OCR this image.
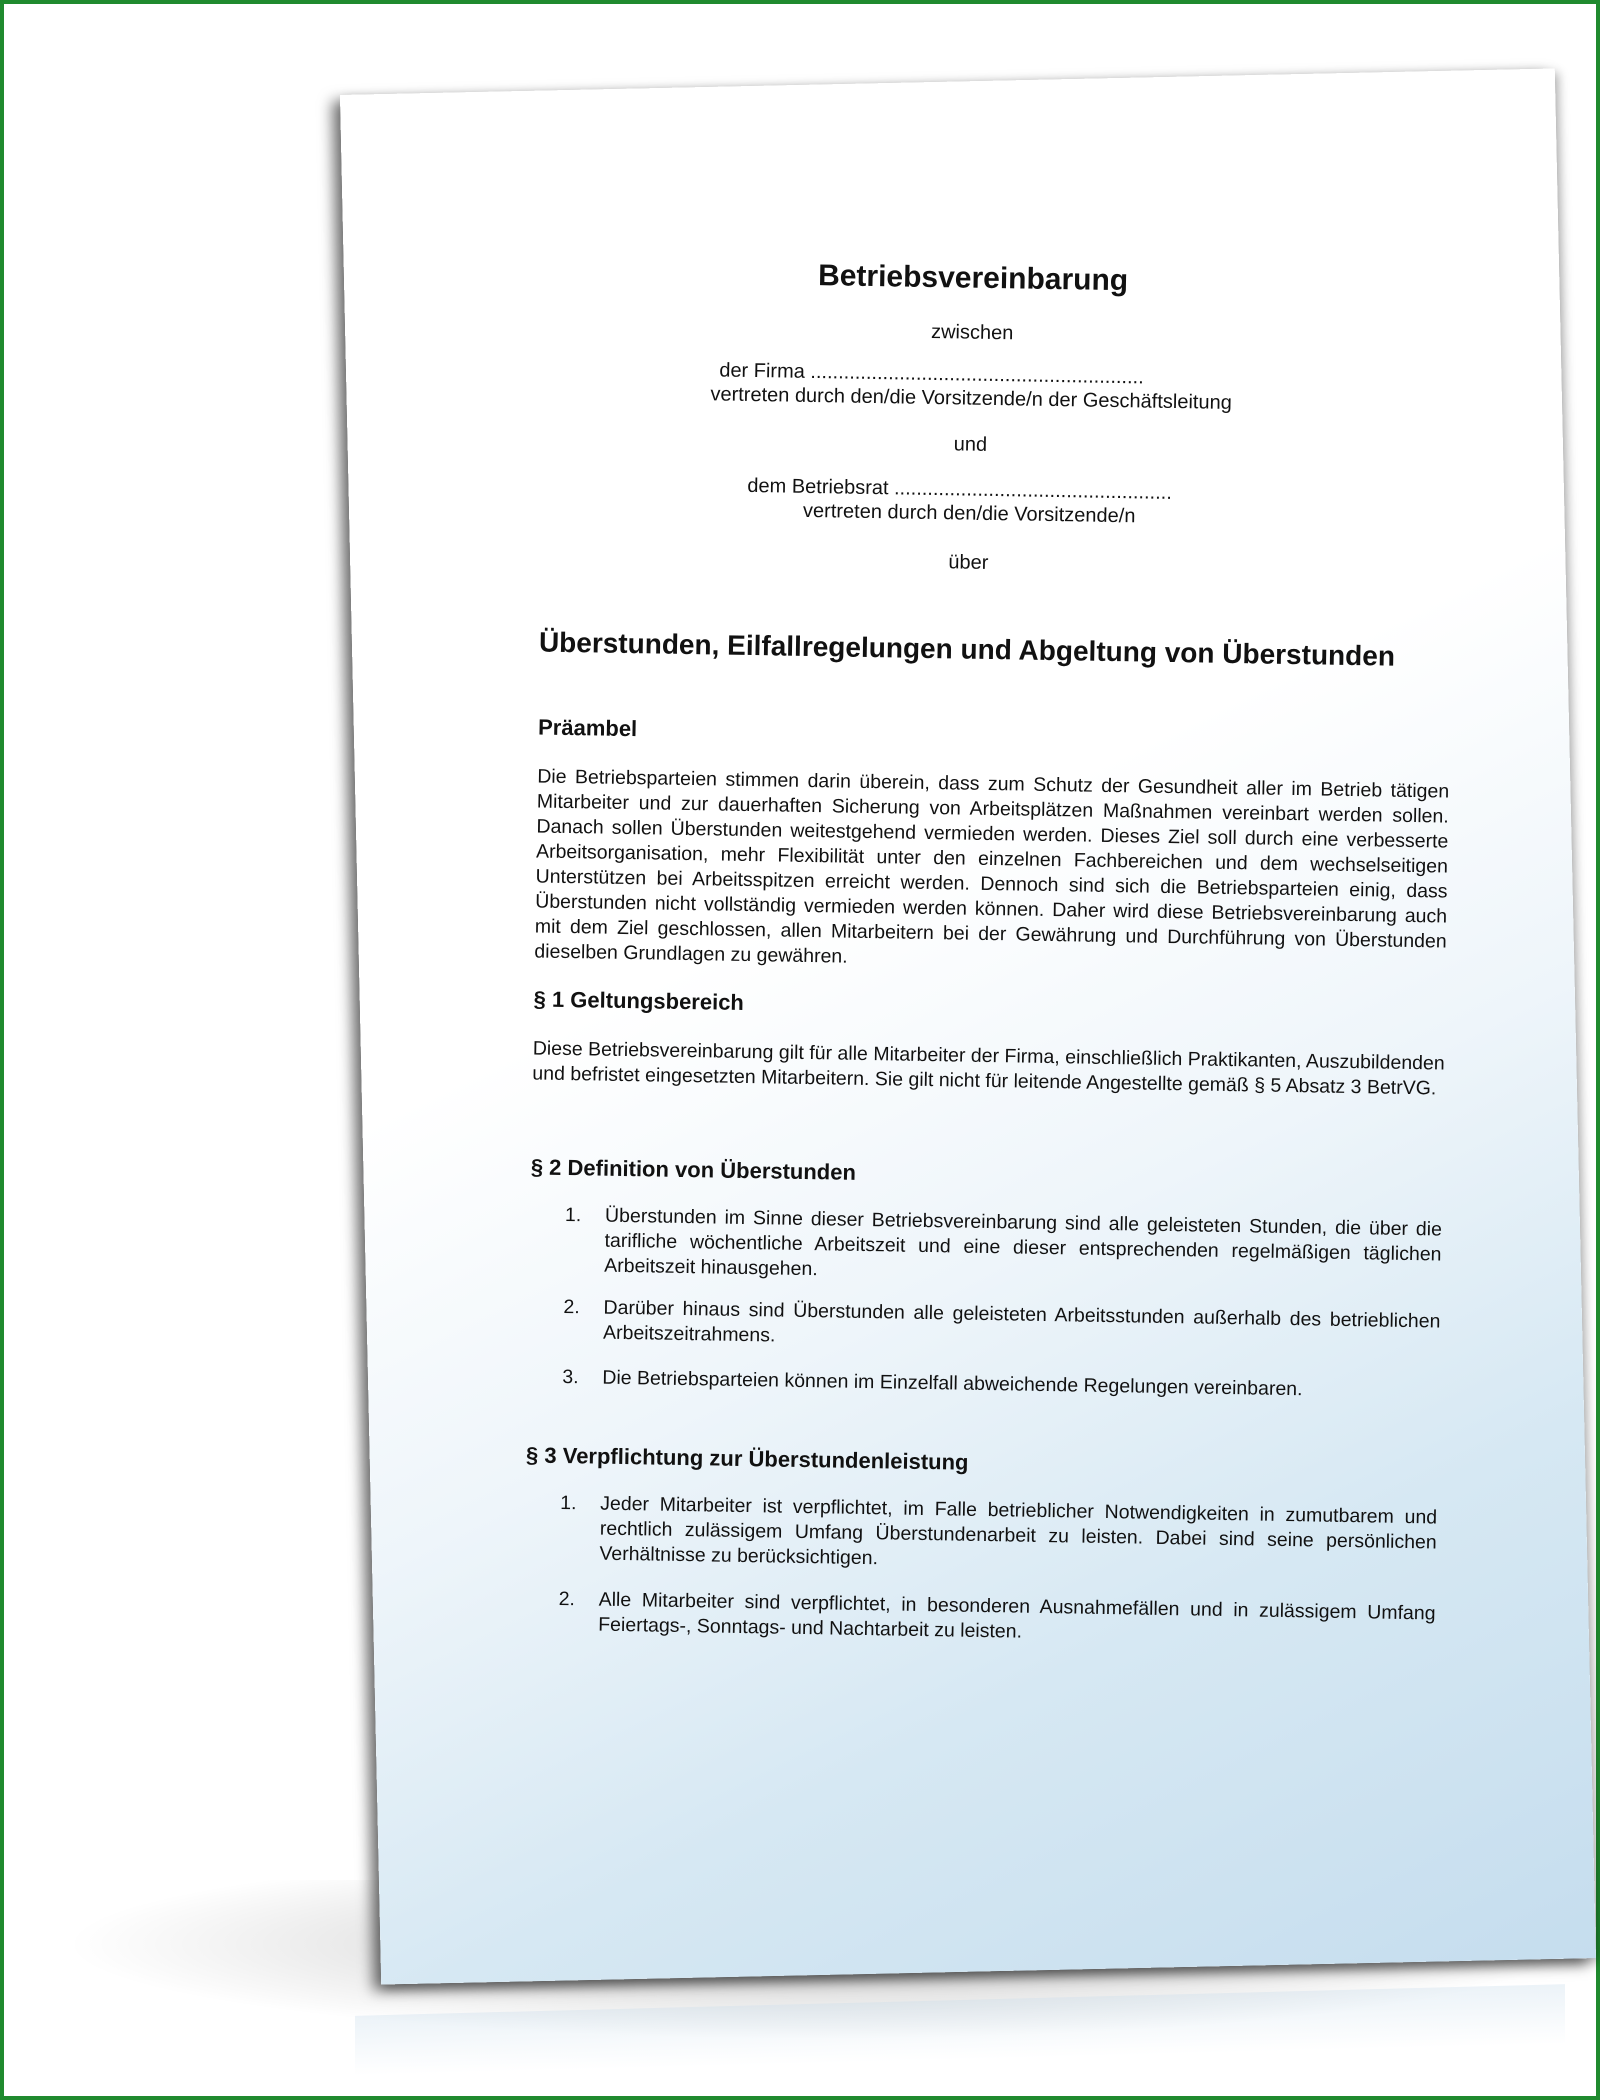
Betriebsvereinbarung
zwischen
der Firma ............................................................
vertreten durch den/die Vorsitzende/n der Geschäftsleitung
und
dem Betriebsrat ..................................................
vertreten durch den/die Vorsitzende/n
über
Überstunden, Eilfallregelungen und Abgeltung von Überstunden
Präambel
Die Betriebsparteien stimmen darin überein, dass zum Schutz der Gesundheit aller im Betrieb tätigen Mitarbeiter und zur dauerhaften Sicherung von Arbeitsplätzen Maßnahmen vereinbart werden sollen. Danach sollen Überstunden weitestgehend vermieden werden. Dieses Ziel soll durch eine verbesserte Arbeitsorganisation, mehr Flexibilität unter den einzelnen Fachbereichen und dem wechselseitigen Unterstützen bei Arbeitsspitzen erreicht werden. Dennoch sind sich die Betriebsparteien einig, dass Überstunden nicht vollständig vermieden werden können. Daher wird diese Betriebsvereinbarung auch mit dem Ziel geschlossen, allen Mitarbeitern bei der Gewährung und Durchführung von Überstunden dieselben Grundlagen zu gewähren.
§ 1 Geltungsbereich
Diese Betriebsvereinbarung gilt für alle Mitarbeiter der Firma, einschließlich Praktikanten, Auszubildenden und befristet eingesetzten Mitarbeitern. Sie gilt nicht für leitende Angestellte gemäß § 5 Absatz 3 BetrVG.
§ 2 Definition von Überstunden
1.	Überstunden im Sinne dieser Betriebsvereinbarung sind alle geleisteten Stunden, die über die tarifliche wöchentliche Arbeitszeit und eine dieser entsprechenden regelmäßigen täglichen Arbeitszeit hinausgehen.
2.	Darüber hinaus sind Überstunden alle geleisteten Arbeitsstunden außerhalb des betrieblichen Arbeitszeitrahmens.
3.	Die Betriebsparteien können im Einzelfall abweichende Regelungen vereinbaren.
§ 3 Verpflichtung zur Überstundenleistung
1.	Jeder Mitarbeiter ist verpflichtet, im Falle betrieblicher Notwendigkeiten in zumutbarem und rechtlich zulässigem Umfang Überstundenarbeit zu leisten. Dabei sind seine persönlichen Verhältnisse zu berücksichtigen.
2.	Alle Mitarbeiter sind verpflichtet, in besonderen Ausnahmefällen und in zulässigem Umfang Feiertags-, Sonntags- und Nachtarbeit zu leisten.
